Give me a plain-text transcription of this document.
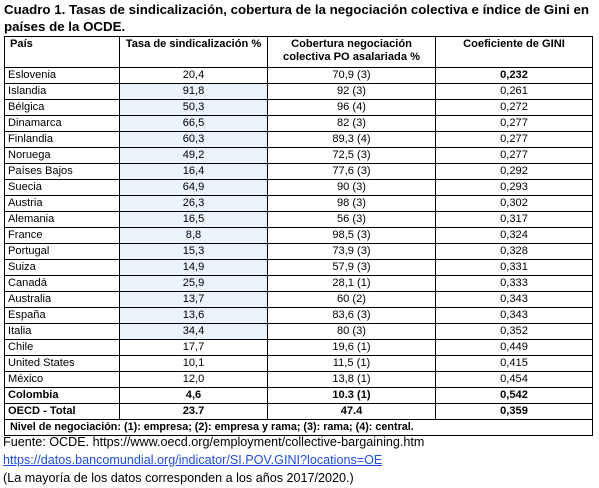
Cuadro 1. Tasas de sindicalización, cobertura de la negociación colectiva e índice de Gini en países de la OCDE.
País	Tasa de sindicalización %	Cobertura negociación colectiva PO asalariada %	Coeficiente de GINI
Eslovenia	20,4	70,9 (3)	0,232
Islandia	91,8	92 (3)	0,261
Bélgica	50,3	96 (4)	0,272
Dinamarca	66,5	82 (3)	0,277
Finlandia	60,3	89,3 (4)	0,277
Noruega	49,2	72,5 (3)	0,277
Países Bajos	16,4	77,6 (3)	0,292
Suecia	64,9	90 (3)	0,293
Austria	26,3	98 (3)	0,302
Alemania	16,5	56 (3)	0,317
France	8,8	98,5 (3)	0,324
Portugal	15,3	73,9 (3)	0,328
Suiza	14,9	57,9 (3)	0,331
Canadá	25,9	28,1 (1)	0,333
Australia	13,7	60 (2)	0,343
España	13,6	83,6 (3)	0,343
Italia	34,4	80 (3)	0,352
Chile	17,7	19,6 (1)	0,449
United States	10,1	11,5 (1)	0,415
México	12,0	13,8 (1)	0,454
Colombia	4,6	10.3 (1)	0,542
OECD - Total	23.7	47.4	0,359
Nivel de negociación: (1): empresa; (2): empresa y rama; (3): rama; (4): central.			
Fuente: OCDE. https://www.oecd.org/employment/collective-bargaining.htm
https://datos.bancomundial.org/indicator/SI.POV.GINI?locations=OE
(La mayoría de los datos corresponden a los años 2017/2020.)
